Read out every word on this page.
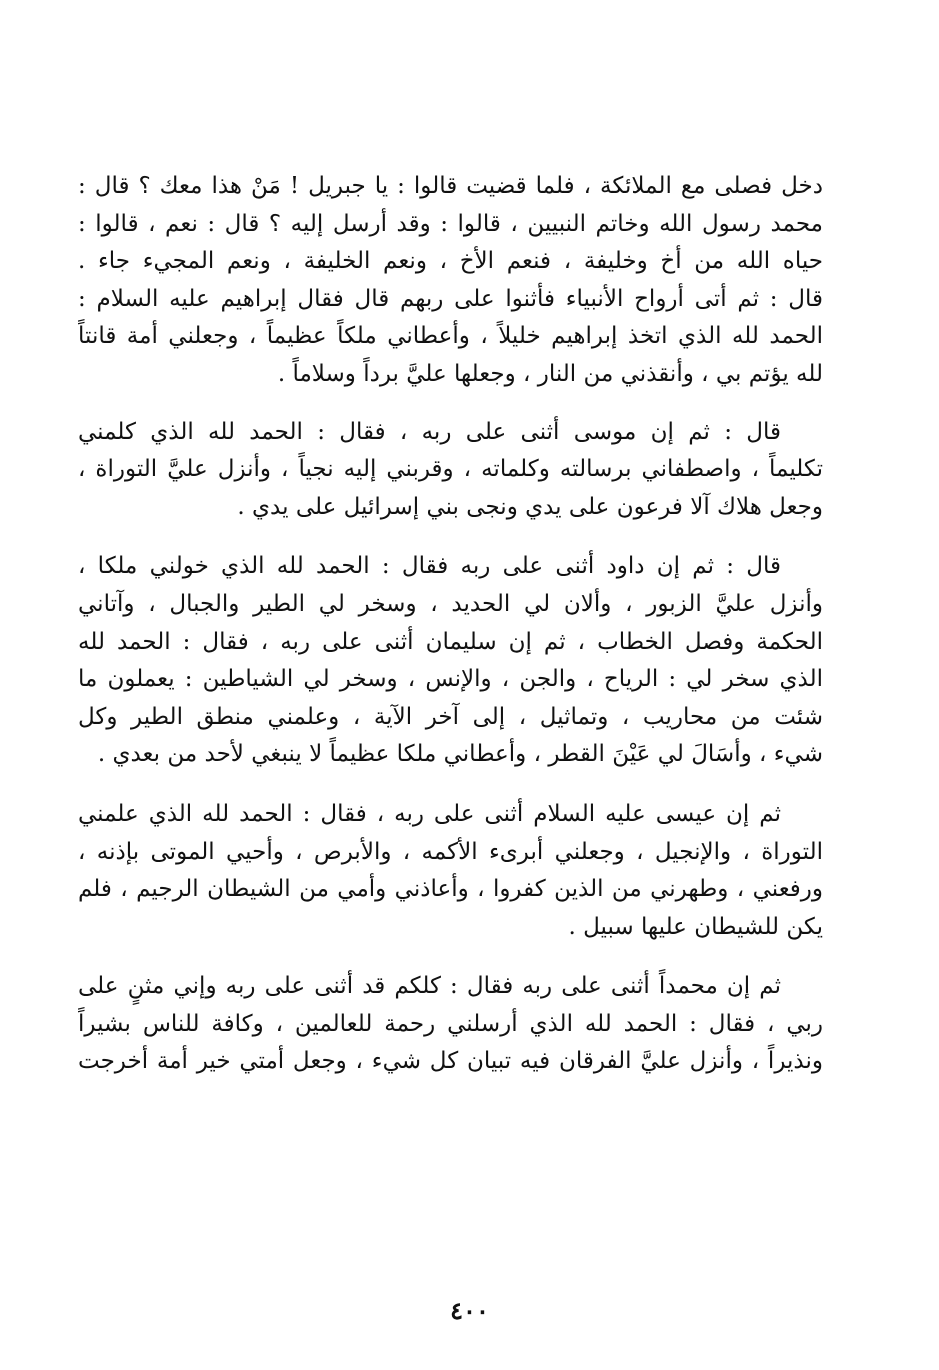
دخل فصلى مع الملائكة ، فلما قضيت قالوا : يا جبريل ! مَنْ هذا معك ؟ قال :
محمد رسول الله وخاتم النبيين ، قالوا : وقد أرسل إليه ؟ قال : نعم ، قالوا :
حياه الله من أخ وخليفة ، فنعم الأخ ، ونعم الخليفة ، ونعم المجيء جاء .
قال : ثم أتى أرواح الأنبياء فأثنوا على ربهم قال فقال إبراهيم عليه السلام :
الحمد لله الذي اتخذ إبراهيم خليلاً ، وأعطاني ملكاً عظيماً ، وجعلني أمة قانتاً
لله يؤتم بي ، وأنقذني من النار ، وجعلها عليَّ برداً وسلاماً .
قال : ثم إن موسى أثنى على ربه ، فقال : الحمد لله الذي كلمني
تكليماً ، واصطفاني برسالته وكلماته ، وقربني إليه نجياً ، وأنزل عليَّ التوراة ،
وجعل هلاك آلا فرعون على يدي ونجى بني إسرائيل على يدي .
قال : ثم إن داود أثنى على ربه فقال : الحمد لله الذي خولني ملكا ،
وأنزل عليَّ الزبور ، وألان لي الحديد ، وسخر لي الطير والجبال ، وآتاني
الحكمة وفصل الخطاب ، ثم إن سليمان أثنى على ربه ، فقال : الحمد لله
الذي سخر لي : الرياح ، والجن ، والإنس ، وسخر لي الشياطين : يعملون ما
شئت من محاريب ، وتماثيل ، إلى آخر الآية ، وعلمني منطق الطير وكل
شيء ، وأسَالَ لي عَيْنَ القطر ، وأعطاني ملكا عظيماً لا ينبغي لأحد من بعدي .
ثم إن عيسى عليه السلام أثنى على ربه ، فقال : الحمد لله الذي علمني
التوراة ، والإنجيل ، وجعلني أبرىء الأكمه ، والأبرص ، وأحيي الموتى بإذنه ،
ورفعني ، وطهرني من الذين كفروا ، وأعاذني وأمي من الشيطان الرجيم ، فلم
يكن للشيطان عليها سبيل .
ثم إن محمداً أثنى على ربه فقال : كلكم قد أثنى على ربه وإني مثنٍ على
ربي ، فقال : الحمد لله الذي أرسلني رحمة للعالمين ، وكافة للناس بشيراً
ونذيراً ، وأنزل عليَّ الفرقان فيه تبيان كل شيء ، وجعل أمتي خير أمة أخرجت
٤٠٠
